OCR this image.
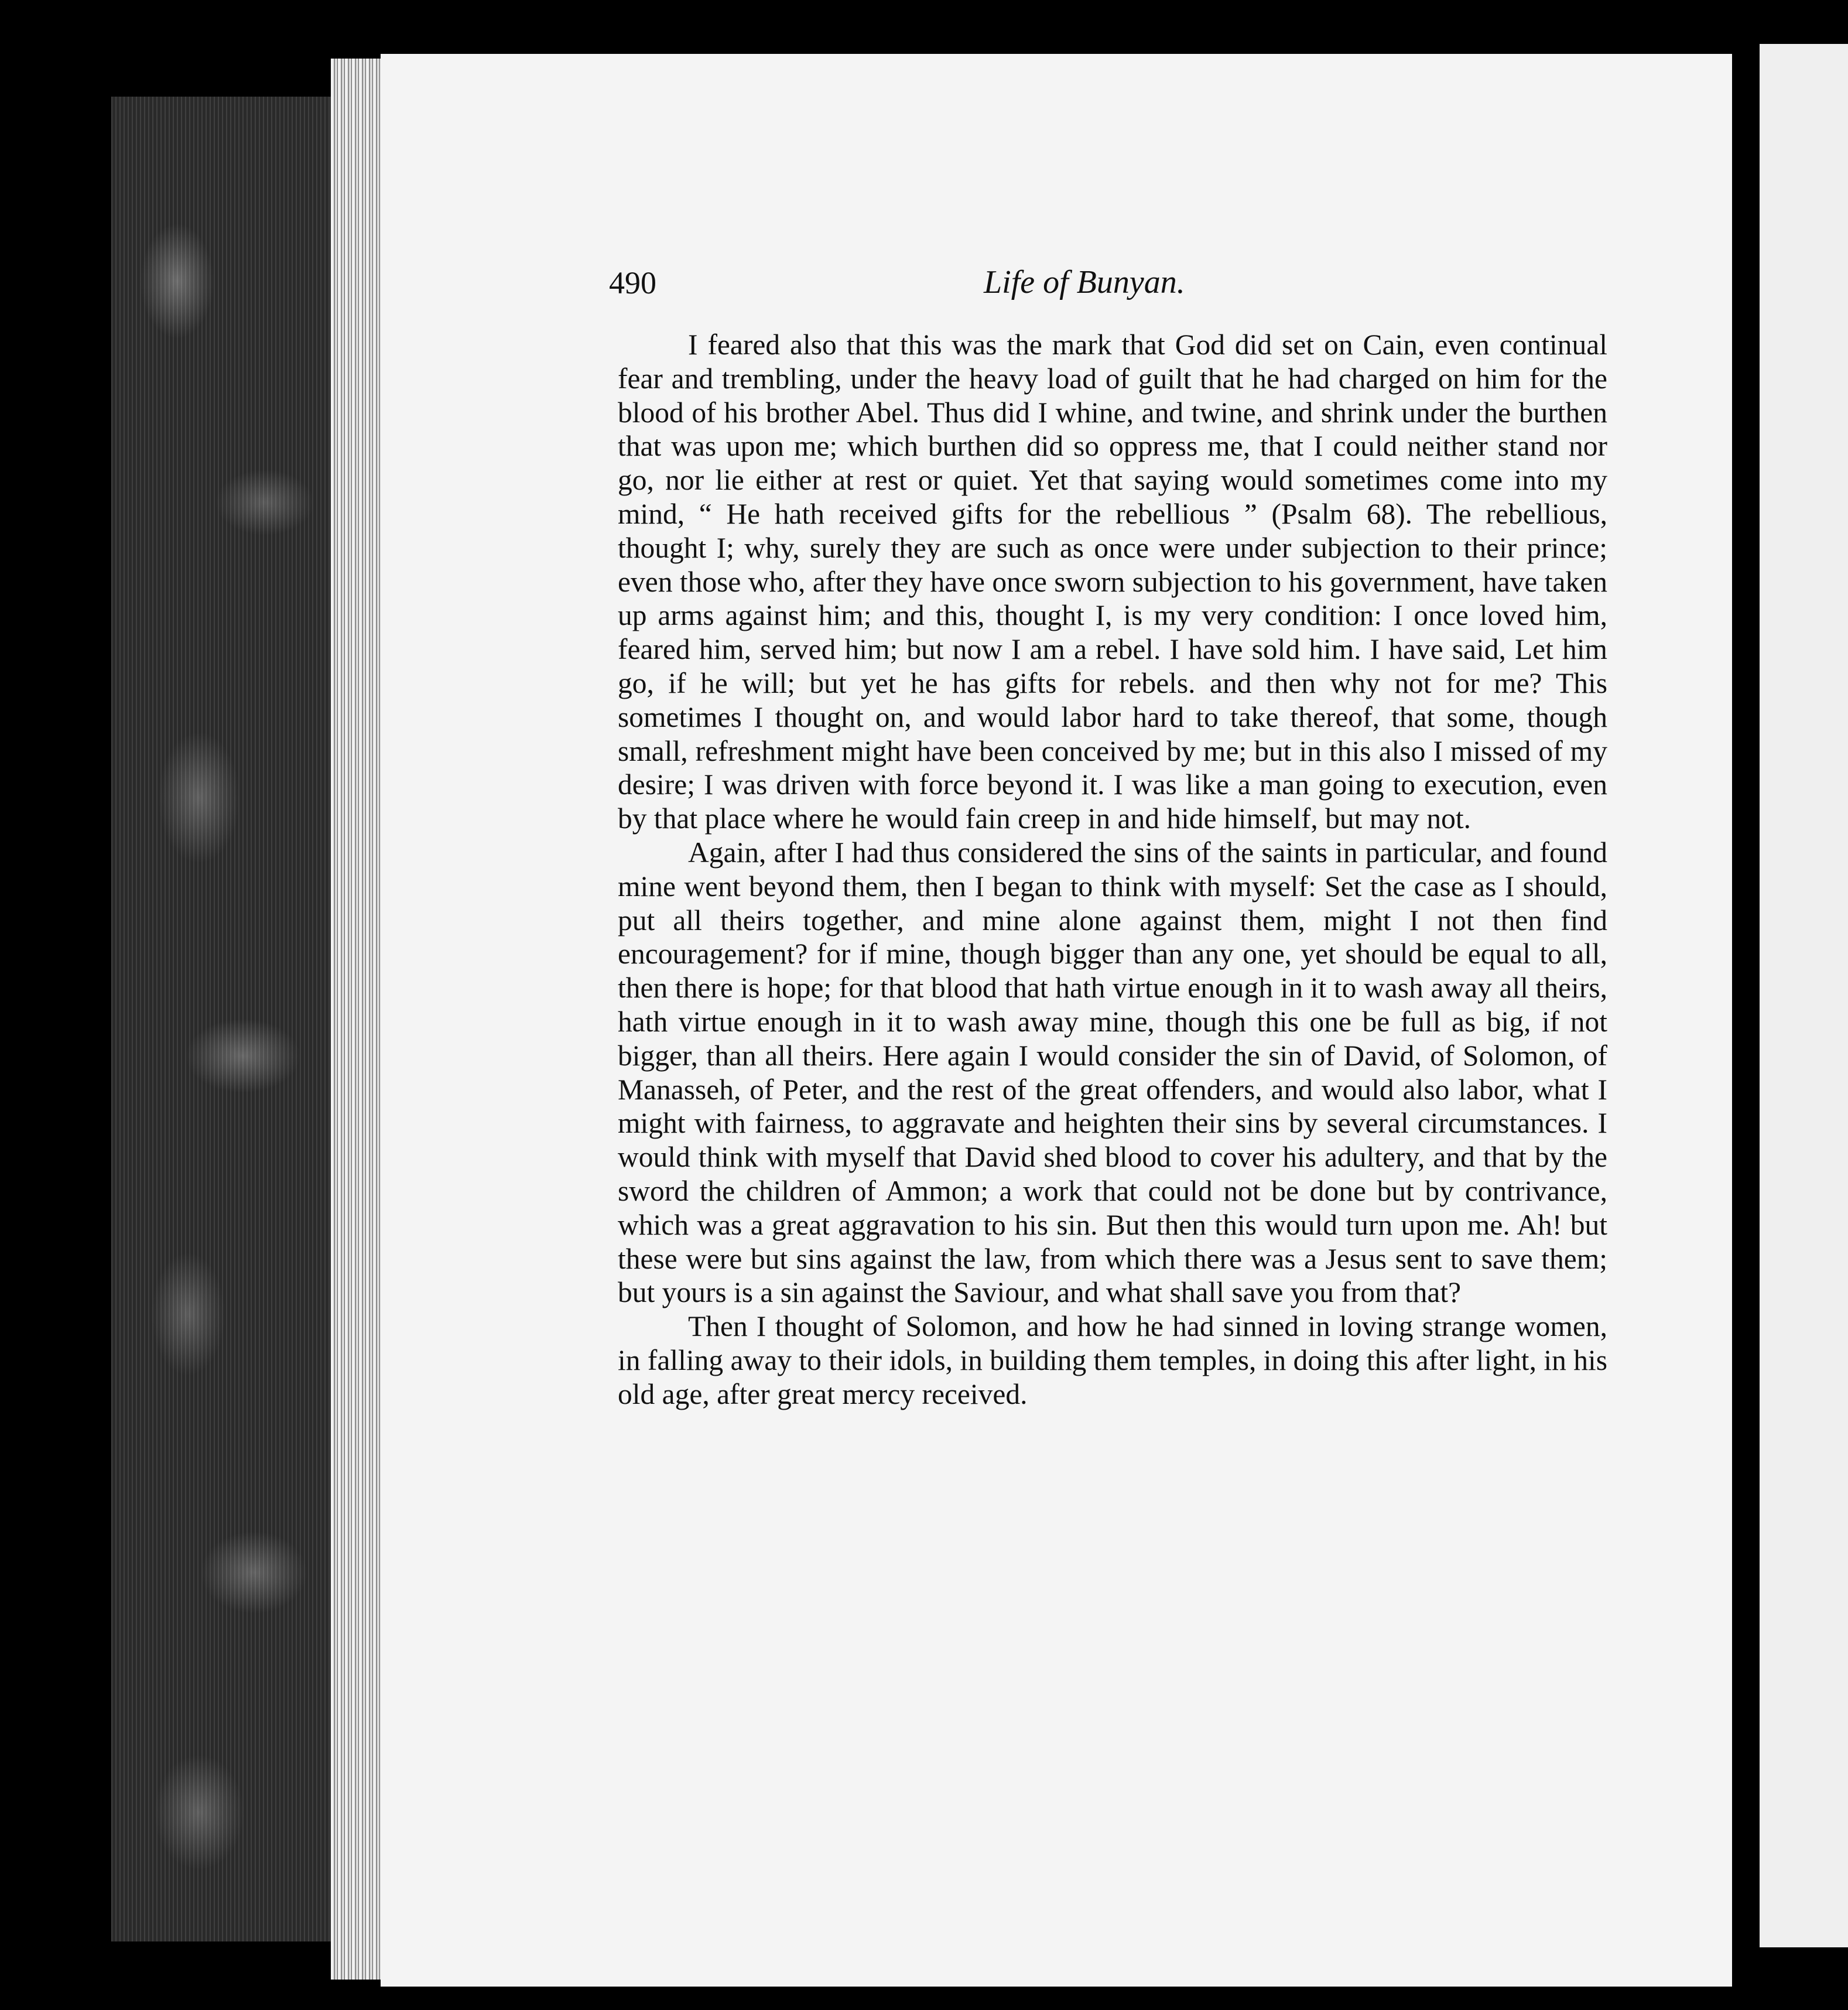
490	Life of Bunyan.

I feared also that this was the mark that God did set on Cain, even continual fear and trembling, under the heavy load of guilt that he had charged on him for the blood of his brother Abel. Thus did I whine, and twine, and shrink under the burthen that was upon me; which burthen did so oppress me, that I could neither stand nor go, nor lie either at rest or quiet. Yet that saying would sometimes come into my mind, “ He hath received gifts for the rebellious ” (Psalm 68). The rebellious, thought I; why, surely they are such as once were under subjection to their prince; even those who, after they have once sworn subjection to his government, have taken up arms against him; and this, thought I, is my very condition: I once loved him, feared him, served him; but now I am a rebel. I have sold him. I have said, Let him go, if he will; but yet he has gifts for rebels. and then why not for me? This sometimes I thought on, and would labor hard to take thereof, that some, though small, refreshment might have been conceived by me; but in this also I missed of my desire; I was driven with force beyond it. I was like a man going to execution, even by that place where he would fain creep in and hide himself, but may not.

Again, after I had thus considered the sins of the saints in particular, and found mine went beyond them, then I began to think with myself: Set the case as I should, put all theirs together, and mine alone against them, might I not then find encouragement? for if mine, though bigger than any one, yet should be equal to all, then there is hope; for that blood that hath virtue enough in it to wash away all theirs, hath virtue enough in it to wash away mine, though this one be full as big, if not bigger, than all theirs. Here again I would consider the sin of David, of Solomon, of Manasseh, of Peter, and the rest of the great offenders, and would also labor, what I might with fairness, to aggravate and heighten their sins by several circumstances. I would think with myself that David shed blood to cover his adultery, and that by the sword the children of Ammon; a work that could not be done but by contrivance, which was a great aggravation to his sin. But then this would turn upon me. Ah! but these were but sins against the law, from which there was a Jesus sent to save them; but yours is a sin against the Saviour, and what shall save you from that?

Then I thought of Solomon, and how he had sinned in loving strange women, in falling away to their idols, in building them temples, in doing this after light, in his old age, after great mercy received.
